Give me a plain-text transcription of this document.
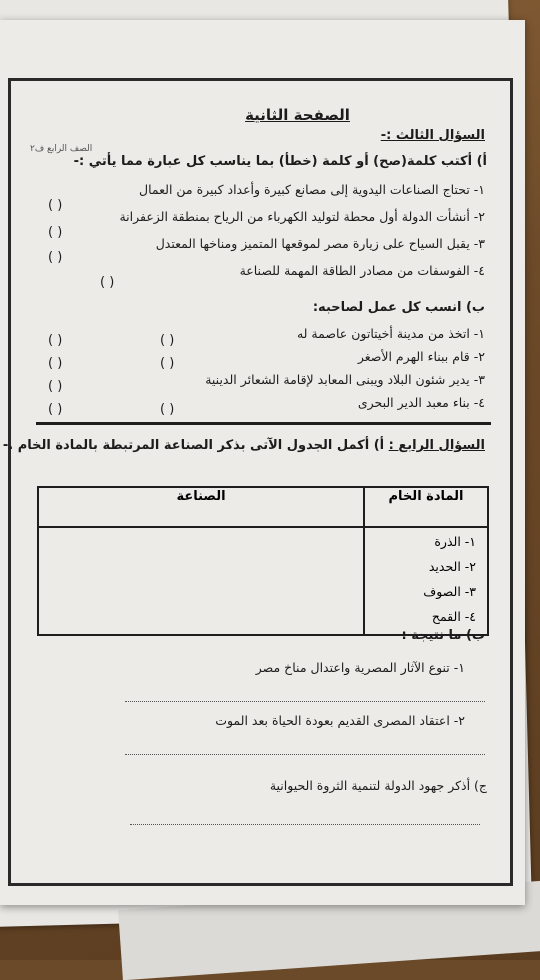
الصفحة الثانية
الصف الرابع ف٢
السؤال الثالث :-
أ) أكتب كلمة(صح) أو كلمة (خطأ) بما يناسب كل عبارة مما يأتي :-
١- تحتاج الصناعات اليدوية إلى مصانع كبيرة وأعداد كبيرة من العمال
٢- أنشأت الدولة أول محطة لتوليد الكهرباء من الرياح بمنطقة الزعفرانة
٣- يقبل السياح على زيارة مصر لموقعها المتميز ومناخها المعتدل
٤- الفوسفات من مصادر الطاقة المهمة للصناعة
( )
( )
( )
( )
ب) انسب كل عمل لصاحبه:
١- اتخذ من مدينة أخيتاتون عاصمة له
٢- قام ببناء الهرم الأصغر
٣- يدير شئون البلاد ويبنى المعابد لإقامة الشعائر الدينية
٤- بناء معبد الدير البحرى
( )
( )
( )
( )
( )
( )
( )
السؤال الرابع : أ) أكمل الجدول الآتى بذكر الصناعة المرتبطة بالمادة الخام .-
المادة الخام	الصناعة

١- الذرة
٢- الحديد
٣- الصوف
٤- القمح	

ب) ما نتيجة :-
١- تنوع الآثار المصرية واعتدال مناخ مصر
٢- اعتقاد المصرى القديم بعودة الحياة بعد الموت
ج) أذكر جهود الدولة لتنمية الثروة الحيوانية
